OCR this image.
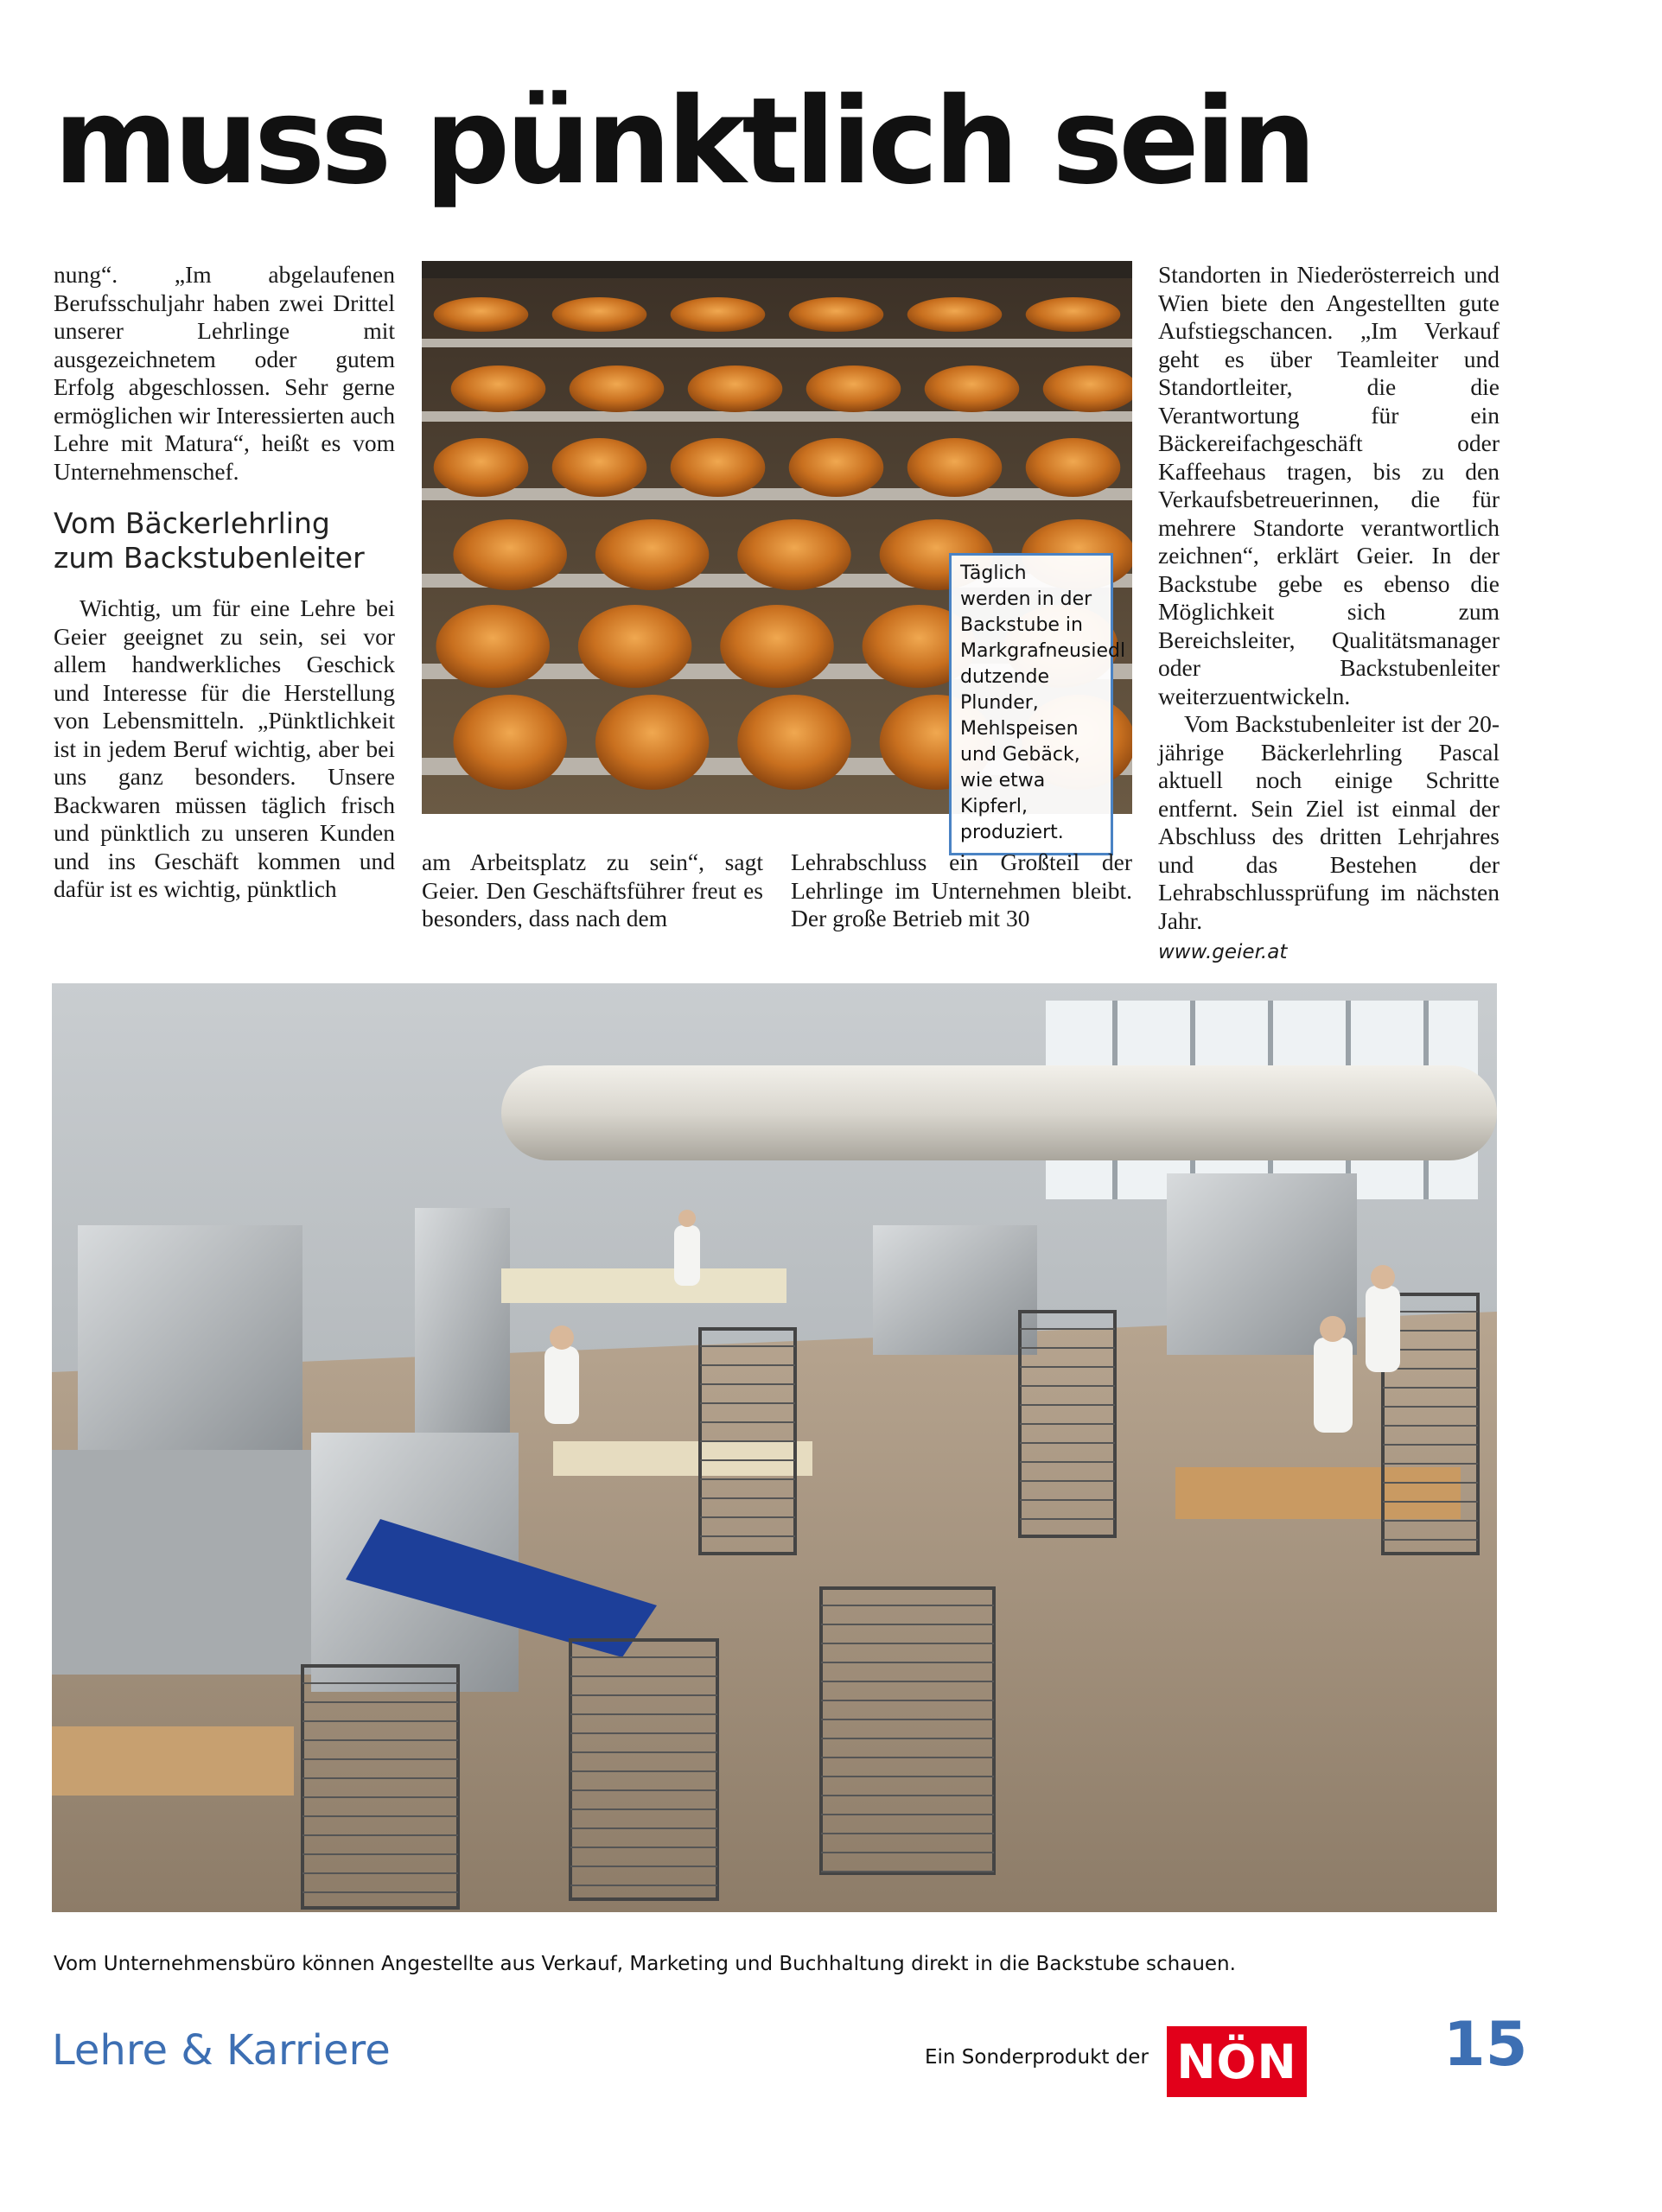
muss pünktlich sein

nung“. „Im abgelaufenen Berufsschuljahr haben zwei Drittel unserer Lehrlinge mit ausgezeichnetem oder gutem Erfolg abgeschlossen. Sehr gerne ermöglichen wir Interessierten auch Lehre mit Matura“, heißt es vom Unternehmenschef.

Vom Bäckerlehrling zum Backstubenleiter

Wichtig, um für eine Lehre bei Geier geeignet zu sein, sei vor allem handwerkliches Geschick und Interesse für die Herstellung von Lebensmitteln. „Pünktlichkeit ist in jedem Beruf wichtig, aber bei uns ganz besonders. Unsere Backwaren müssen täglich frisch und pünktlich zu unseren Kunden und ins Geschäft kommen und dafür ist es wichtig, pünktlich

Täglich werden in der Backstube in Markgrafneusiedl dutzende Plunder, Mehlspeisen und Gebäck, wie etwa Kipferl, produziert.

am Arbeitsplatz zu sein“, sagt Geier. Den Geschäftsführer freut es besonders, dass nach dem

Lehrabschluss ein Großteil der Lehrlinge im Unternehmen bleibt. Der große Betrieb mit 30

Standorten in Niederösterreich und Wien biete den Angestellten gute Aufstiegschancen. „Im Verkauf geht es über Teamleiter und Standortleiter, die die Verantwortung für ein Bäckereifachgeschäft oder Kaffeehaus tragen, bis zu den Verkaufsbetreuerinnen, die für mehrere Standorte verantwortlich zeichnen“, erklärt Geier. In der Backstube gebe es ebenso die Möglichkeit sich zum Bereichsleiter, Qualitätsmanager oder Backstubenleiter weiterzuentwickeln.

Vom Backstubenleiter ist der 20-jährige Bäckerlehrling Pascal aktuell noch einige Schritte entfernt. Sein Ziel ist einmal der Abschluss des dritten Lehrjahres und das Bestehen der Lehrabschlussprüfung im nächsten Jahr.

www.geier.at
Vom Unternehmensbüro können Angestellte aus Verkauf, Marketing und Buchhaltung direkt in die Backstube schauen.
Lehre & Karriere	Ein Sonderprodukt der NÖN 15
